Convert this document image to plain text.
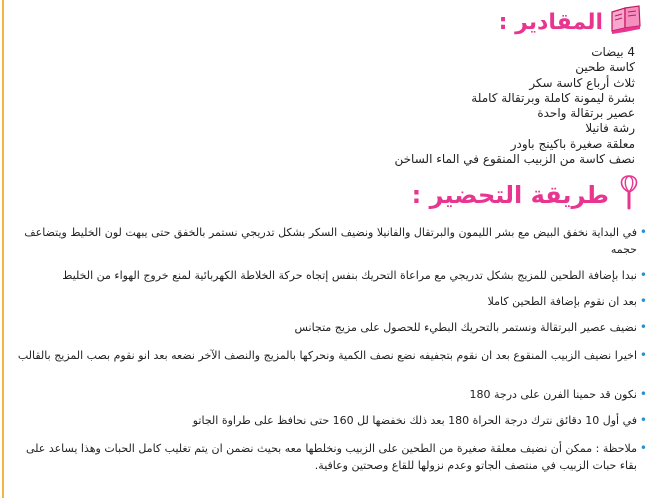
المقادير :
4 بيضات
كاسة طحين
ثلاث أرباع كاسة سكر
بشرة ليمونة كاملة وبرتقالة كاملة
عصير برتقالة واحدة
رشة فانيلا
معلقة صغيرة باكينج باودر
نصف كاسة من الزبيب المنقوع في الماء الساخن
طريقة التحضير :
•
في البداية نخفق البيض مع بشر الليمون والبرتقال والفانيلا ونضيف السكر بشكل تدريجي نستمر بالخفق حتى يبهت لون الخليط ويتضاعف حجمه
•
نبدا بإضافة الطحين للمزيج بشكل تدريجي مع مراعاة التحريك بنفس إتجاه حركة الخلاطة الكهربائية لمنع خروج الهواء من الخليط
•
بعد ان نقوم بإضافة الطحين كاملا
•
نضيف عصير البرتقالة ونستمر بالتحريك البطيء للحصول على مزيج متجانس
•
اخيرا نضيف الزبيب المنقوع بعد ان نقوم بتجفيفه نضع نصف الكمية ونحركها بالمزيج والنصف الآخر نضعه بعد انو نقوم بصب المزيج بالقالب
•
نكون قد حمينا الفرن على درجة 180
•
في أول 10 دقائق نترك درجة الحراة 180 بعد ذلك نخفضها لل 160 حتى نحافظ على طراوة الجاتو
•
ملاحظة : ممكن أن نضيف معلقة صغيرة من الطحين على الزبيب ونخلطها معه بحيث نضمن ان يتم تغليب كامل الحبات وهذا يساعد على بقاء حبات الزبيب في منتصف الجاتو وعدم نزولها للقاع وصحتين وعافية.
